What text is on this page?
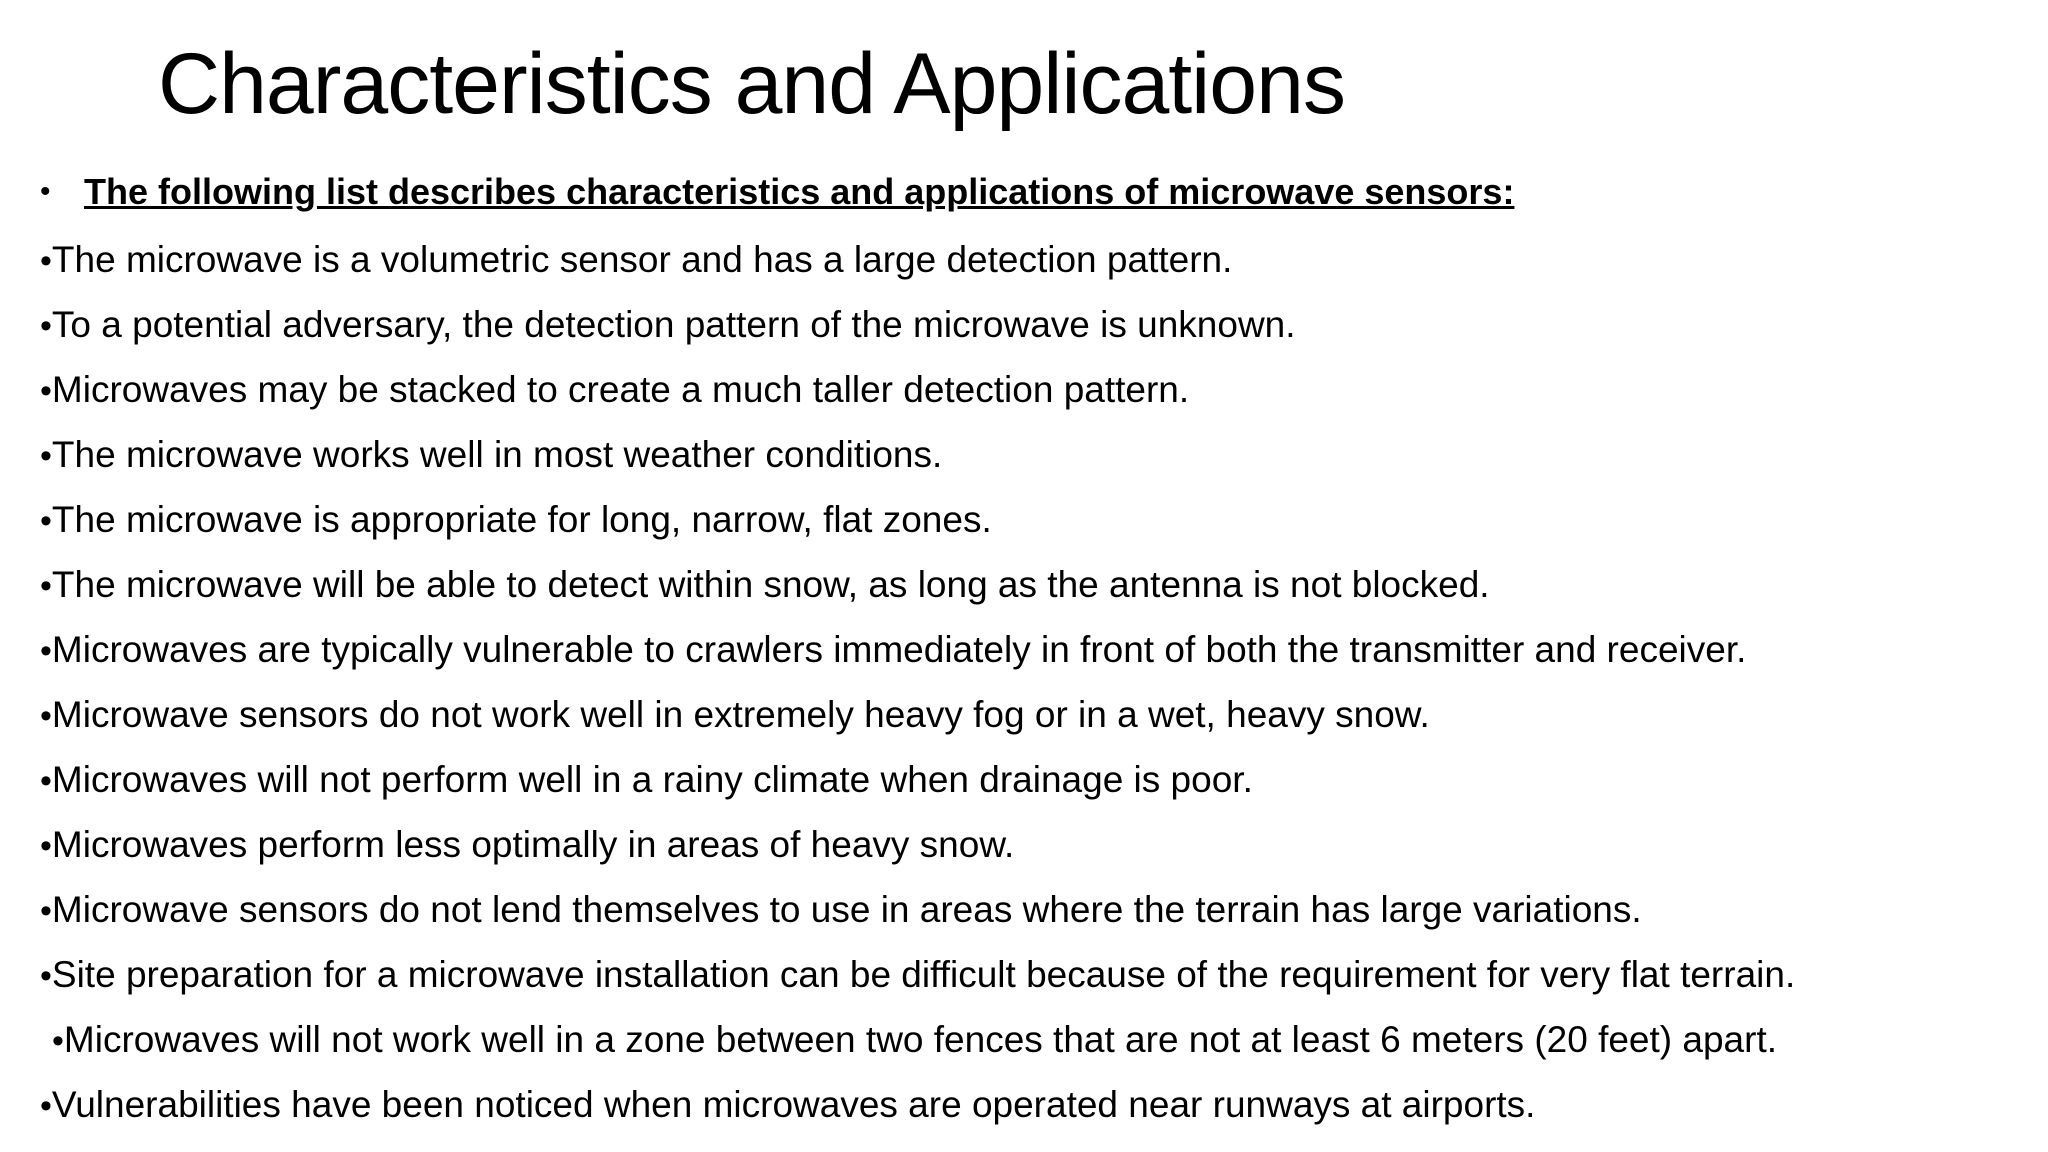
Characteristics and Applications
• The following list describes characteristics and applications of microwave sensors:
•The microwave is a volumetric sensor and has a large detection pattern.
•To a potential adversary, the detection pattern of the microwave is unknown.
•Microwaves may be stacked to create a much taller detection pattern.
•The microwave works well in most weather conditions.
•The microwave is appropriate for long, narrow, flat zones.
•The microwave will be able to detect within snow, as long as the antenna is not blocked.
•Microwaves are typically vulnerable to crawlers immediately in front of both the transmitter and receiver.
•Microwave sensors do not work well in extremely heavy fog or in a wet, heavy snow.
•Microwaves will not perform well in a rainy climate when drainage is poor.
•Microwaves perform less optimally in areas of heavy snow.
•Microwave sensors do not lend themselves to use in areas where the terrain has large variations.
•Site preparation for a microwave installation can be difficult because of the requirement for very flat terrain.
•Microwaves will not work well in a zone between two fences that are not at least 6 meters (20 feet) apart.
•Vulnerabilities have been noticed when microwaves are operated near runways at airports.
